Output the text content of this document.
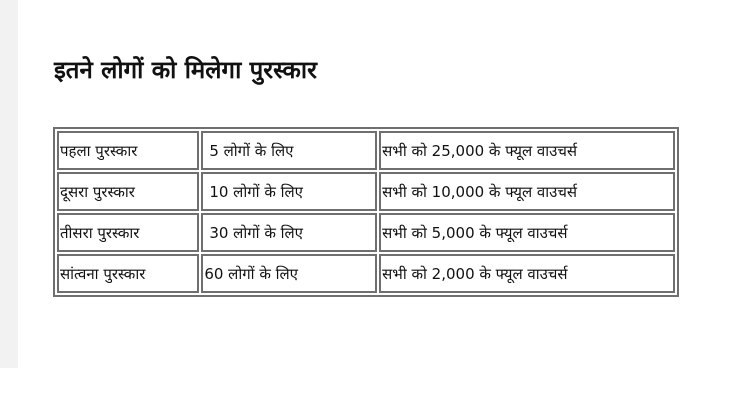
इतने लोगों को मिलेगा पुरस्कार
पहला पुरस्कार	5 लोगों के लिए	सभी को 25,000 के फ्यूल वाउचर्स
दूसरा पुरस्कार	10 लोगों के लिए	सभी को 10,000 के फ्यूल वाउचर्स
तीसरा पुरस्कार	30 लोगों के लिए	सभी को 5,000 के फ्यूल वाउचर्स
सांत्वना पुरस्कार	60 लोगों के लिए	सभी को 2,000 के फ्यूल वाउचर्स
